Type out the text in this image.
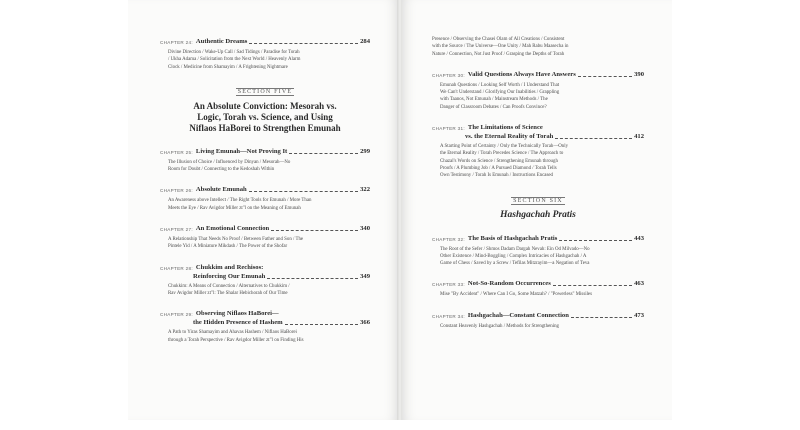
CHAPTER 24: Authentic Dreams	284
Divine Direction / Wake-Up Call / Sad Tidings / Paradise for Torah
/ Ukha Adama / Solicitation from the Next World / Heavenly Alarm
Clock / Medicine from Shamayim / A Frightening Nightmare
SECTION FIVE
An Absolute Conviction: Mesorah vs.
Logic, Torah vs. Science, and Using
Niflaos HaBorei to Strengthen Emunah
CHAPTER 25: Living Emunah—Not Proving It	299
The Illusion of Choice / Influenced by Dinyan / Mesorah—No
Room for Doubt / Connecting to the Kedoshah Within
CHAPTER 26: Absolute Emunah	322
An Awareness above Intellect / The Right Tools for Emunah / More Than
Meets the Eye / Rav Avigdor Miller zt"l on the Meaning of Emunah
CHAPTER 27: An Emotional Connection	340
A Relationship That Needs No Proof / Between Father and Son / The
Pintele Yid / A Miniature Mikdash / The Power of the Shofar
CHAPTER 28: Chukkim and Rechisos:
Reinforcing Our Emunah	349
Chukkim: A Means of Connection / Alternatives to Chukkim /
Rav Avigdor Miller zt"l: The Shalar Hebichorah of Our Time
CHAPTER 29: Observing Niflaos HaBorei—
the Hidden Presence of Hashem	366
A Path to Yiras Shamayim and Ahavas Hashem / Niflaos HaBorei
through a Torah Perspective / Rav Avigdor Miller zt"l on Finding His
Presence / Observing the Chasei Olam of All Creations / Consistent
with the Source / The Universe—One Unity / Mah Rabu Maasecha in
Nature / Connection, Not Just Proof / Grasping the Depths of Torah
CHAPTER 30: Valid Questions Always Have Answers	390
Emunah Questions / Looking Self Worth / I Understand That
We Can't Understand / Glorifying Our Inabilities / Grappling
with Taanos, Not Emunah / Mainstream Methods / The
Danger of Classroom Debates / Can Proofs Convince?
CHAPTER 31: The Limitations of Science
vs. the Eternal Reality of Torah	412
A Starting Point of Certainty / Only the Technically Torah—Only
the Eternal Reality / Torah Precedes Science / The Approach to
Chazal's Words on Science / Strengthening Emunah through
Proofs / A Plumbing Job / A Pursued Diamond / Torah Tells
Own Testimony / Torah Is Emunah / Instructions Encased
SECTION SIX
Hashgachah Pratis
CHAPTER 32: The Basis of Hashgachah Pratis	443
The Root of the Sefer / Shmos Dadam Dargah Nevah: Ein Od Milvado—No
Other Existence / Mind-Boggling / Complex Intricacies of Hashgachah / A
Game of Chess / Saved by a Screw / Tefilas Mitzrayim—a Negation of Teva
CHAPTER 33: Not-So-Random Occurrences	463
Mise "By Accident" / Where Can I Go, Some Matzah? / "Powerless" Missiles
CHAPTER 34: Hashgachah—Constant Connection	473
Constant Heavenly Hashgachah / Methods for Strengthening
